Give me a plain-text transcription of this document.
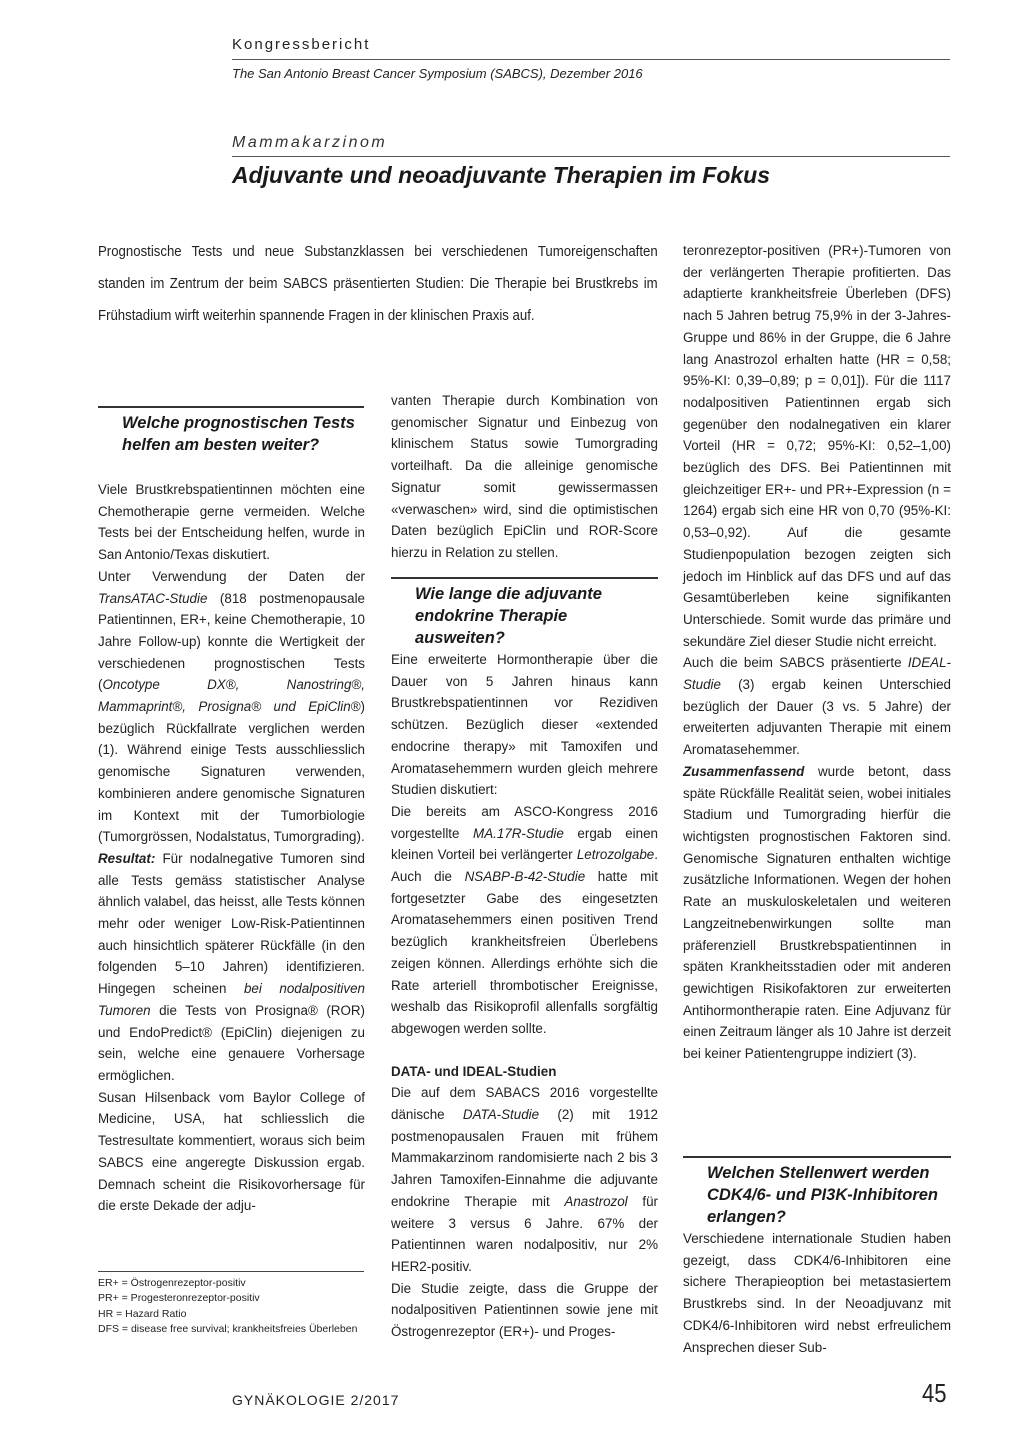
Kongressbericht
The San Antonio Breast Cancer Symposium (SABCS), Dezember 2016
Mammakarzinom
Adjuvante und neoadjuvante Therapien im Fokus
Prognostische Tests und neue Substanzklassen bei verschiedenen Tumoreigenschaften standen im Zentrum der beim SABCS präsentierten Studien: Die Therapie bei Brustkrebs im Frühstadium wirft weiterhin spannende Fragen in der klinischen Praxis auf.
Welche prognostischen Tests helfen am besten weiter?

Viele Brustkrebspatientinnen möchten eine Chemotherapie gerne vermeiden. Welche Tests bei der Entscheidung helfen, wurde in San Antonio/Texas diskutiert.

Unter Verwendung der Daten der TransATAC-Studie (818 postmenopausale Patientinnen, ER+, keine Chemotherapie, 10 Jahre Follow-up) konnte die Wertigkeit der verschiedenen prognostischen Tests (Oncotype DX®, Nanostring®, Mammaprint®, Prosigna® und EpiClin®) bezüglich Rückfallrate verglichen werden (1). Während einige Tests ausschliesslich genomische Signaturen verwenden, kombinieren andere genomische Signaturen im Kontext mit der Tumorbiologie (Tumorgrössen, Nodalstatus, Tumorgrading).

Resultat: Für nodalnegative Tumoren sind alle Tests gemäss statistischer Analyse ähnlich valabel, das heisst, alle Tests können mehr oder weniger Low-Risk-Patientinnen auch hinsichtlich späterer Rückfälle (in den folgenden 5–10 Jahren) identifizieren. Hingegen scheinen bei nodalpositiven Tumoren die Tests von Prosigna® (ROR) und EndoPredict® (EpiClin) diejenigen zu sein, welche eine genauere Vorhersage ermöglichen.

Susan Hilsenback vom Baylor College of Medicine, USA, hat schliesslich die Testresultate kommentiert, woraus sich beim SABCS eine angeregte Diskussion ergab. Demnach scheint die Risikovorhersage für die erste Dekade der adju-

ER+ = Östrogenrezeptor-positiv
PR+ = Progesteronrezeptor-positiv
HR = Hazard Ratio
DFS = disease free survival; krankheitsfreies Überleben

vanten Therapie durch Kombination von genomischer Signatur und Einbezug von klinischem Status sowie Tumorgrading vorteilhaft. Da die alleinige genomische Signatur somit gewissermassen «verwaschen» wird, sind die optimistischen Daten bezüglich EpiClin und ROR-Score hierzu in Relation zu stellen.

Wie lange die adjuvante endokrine Therapie ausweiten?

Eine erweiterte Hormontherapie über die Dauer von 5 Jahren hinaus kann Brustkrebspatientinnen vor Rezidiven schützen. Bezüglich dieser «extended endocrine therapy» mit Tamoxifen und Aromatasehemmern wurden gleich mehrere Studien diskutiert:

Die bereits am ASCO-Kongress 2016 vorgestellte MA.17R-Studie ergab einen kleinen Vorteil bei verlängerter Letrozolgabe. Auch die NSABP-B-42-Studie hatte mit fortgesetzter Gabe des eingesetzten Aromatasehemmers einen positiven Trend bezüglich krankheitsfreien Überlebens zeigen können. Allerdings erhöhte sich die Rate arteriell thrombotischer Ereignisse, weshalb das Risikoprofil allenfalls sorgfältig abgewogen werden sollte.

DATA- und IDEAL-Studien

Die auf dem SABACS 2016 vorgestellte dänische DATA-Studie (2) mit 1912 postmenopausalen Frauen mit frühem Mammakarzinom randomisierte nach 2 bis 3 Jahren Tamoxifen-Einnahme die adjuvante endokrine Therapie mit Anastrozol für weitere 3 versus 6 Jahre. 67% der Patientinnen waren nodalpositiv, nur 2% HER2-positiv.

Die Studie zeigte, dass die Gruppe der nodalpositiven Patientinnen sowie jene mit Östrogenrezeptor (ER+)- und Proges-

teronrezeptor-positiven (PR+)-Tumoren von der verlängerten Therapie profitierten. Das adaptierte krankheitsfreie Überleben (DFS) nach 5 Jahren betrug 75,9% in der 3-Jahres-Gruppe und 86% in der Gruppe, die 6 Jahre lang Anastrozol erhalten hatte (HR = 0,58; 95%-KI: 0,39–0,89; p = 0,01]). Für die 1117 nodalpositiven Patientinnen ergab sich gegenüber den nodalnegativen ein klarer Vorteil (HR = 0,72; 95%-KI: 0,52–1,00) bezüglich des DFS. Bei Patientinnen mit gleichzeitiger ER+- und PR+-Expression (n = 1264) ergab sich eine HR von 0,70 (95%-KI: 0,53–0,92). Auf die gesamte Studienpopulation bezogen zeigten sich jedoch im Hinblick auf das DFS und auf das Gesamtüberleben keine signifikanten Unterschiede. Somit wurde das primäre und sekundäre Ziel dieser Studie nicht erreicht.

Auch die beim SABCS präsentierte IDEAL-Studie (3) ergab keinen Unterschied bezüglich der Dauer (3 vs. 5 Jahre) der erweiterten adjuvanten Therapie mit einem Aromatasehemmer.

Zusammenfassend wurde betont, dass späte Rückfälle Realität seien, wobei initiales Stadium und Tumorgrading hierfür die wichtigsten prognostischen Faktoren sind. Genomische Signaturen enthalten wichtige zusätzliche Informationen. Wegen der hohen Rate an muskuloskeletalen und weiteren Langzeitnebenwirkungen sollte man präferenziell Brustkrebspatientinnen in späten Krankheitsstadien oder mit anderen gewichtigen Risikofaktoren zur erweiterten Antihormontherapie raten. Eine Adjuvanz für einen Zeitraum länger als 10 Jahre ist derzeit bei keiner Patientengruppe indiziert (3).

Welchen Stellenwert werden CDK4/6- und PI3K-Inhibitoren erlangen?

Verschiedene internationale Studien haben gezeigt, dass CDK4/6-Inhibitoren eine sichere Therapieoption bei metastasiertem Brustkrebs sind. In der Neoadjuvanz mit CDK4/6-Inhibitoren wird nebst erfreulichem Ansprechen dieser Sub-

GYNÄKOLOGIE 2/2017	45
